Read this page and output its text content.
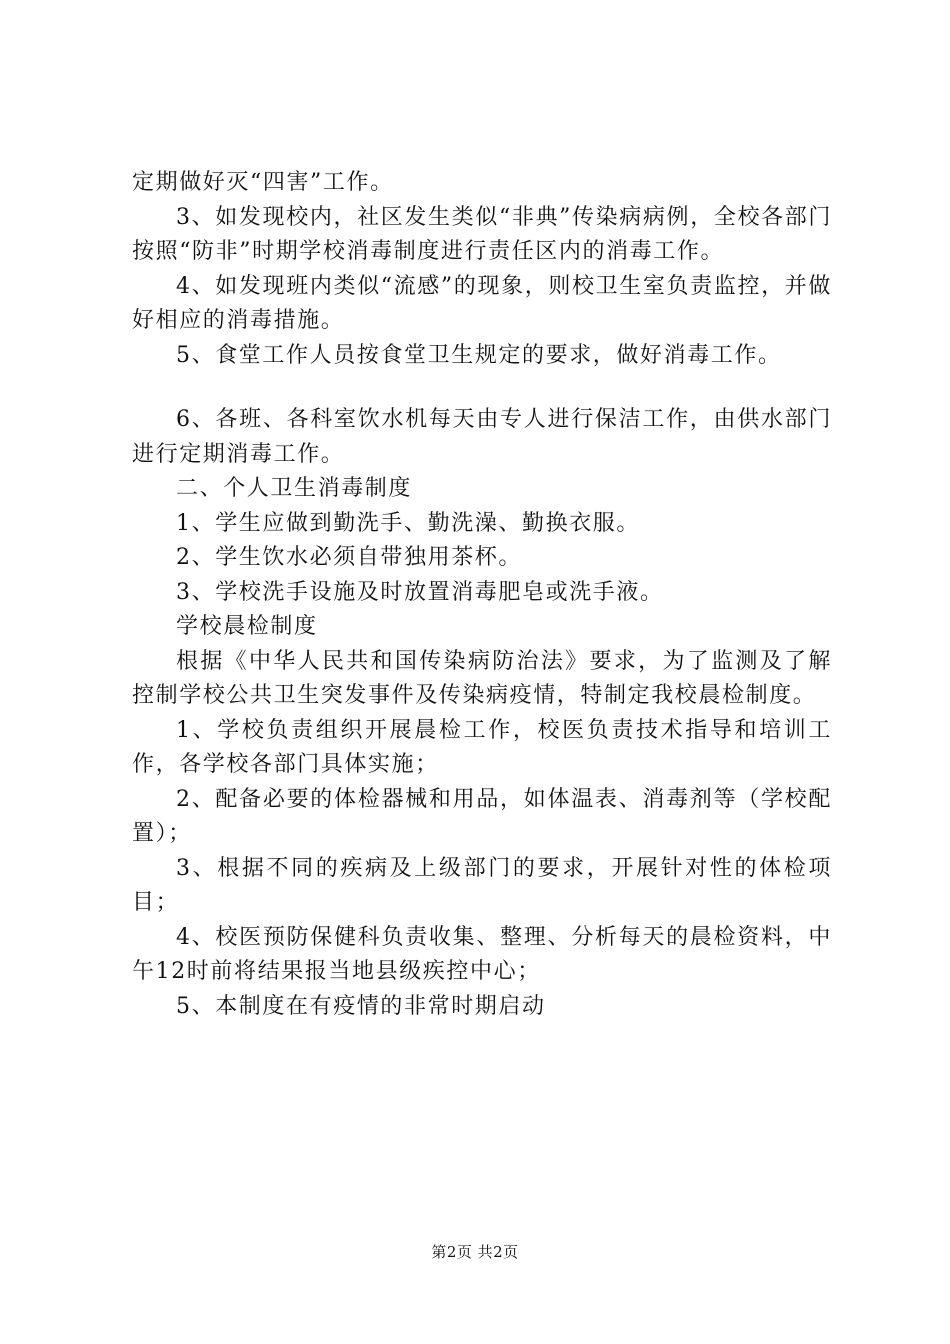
定期做好灭“四害”工作。

3、如发现校内，社区发生类似“非典”传染病病例，全校各部门按照“防非”时期学校消毒制度进行责任区内的消毒工作。

4、如发现班内类似“流感”的现象，则校卫生室负责监控，并做好相应的消毒措施。

5、食堂工作人员按食堂卫生规定的要求，做好消毒工作。

6、各班、各科室饮水机每天由专人进行保洁工作，由供水部门进行定期消毒工作。

二、个人卫生消毒制度

1、学生应做到勤洗手、勤洗澡、勤换衣服。

2、学生饮水必须自带独用茶杯。

3、学校洗手设施及时放置消毒肥皂或洗手液。

学校晨检制度

根据《中华人民共和国传染病防治法》要求，为了监测及了解控制学校公共卫生突发事件及传染病疫情，特制定我校晨检制度。

1、学校负责组织开展晨检工作，校医负责技术指导和培训工作，各学校各部门具体实施；

2、配备必要的体检器械和用品，如体温表、消毒剂等（学校配置）；

3、根据不同的疾病及上级部门的要求，开展针对性的体检项目；

4、校医预防保健科负责收集、整理、分析每天的晨检资料，中午12时前将结果报当地县级疾控中心；

5、本制度在有疫情的非常时期启动

第2页 共2页
